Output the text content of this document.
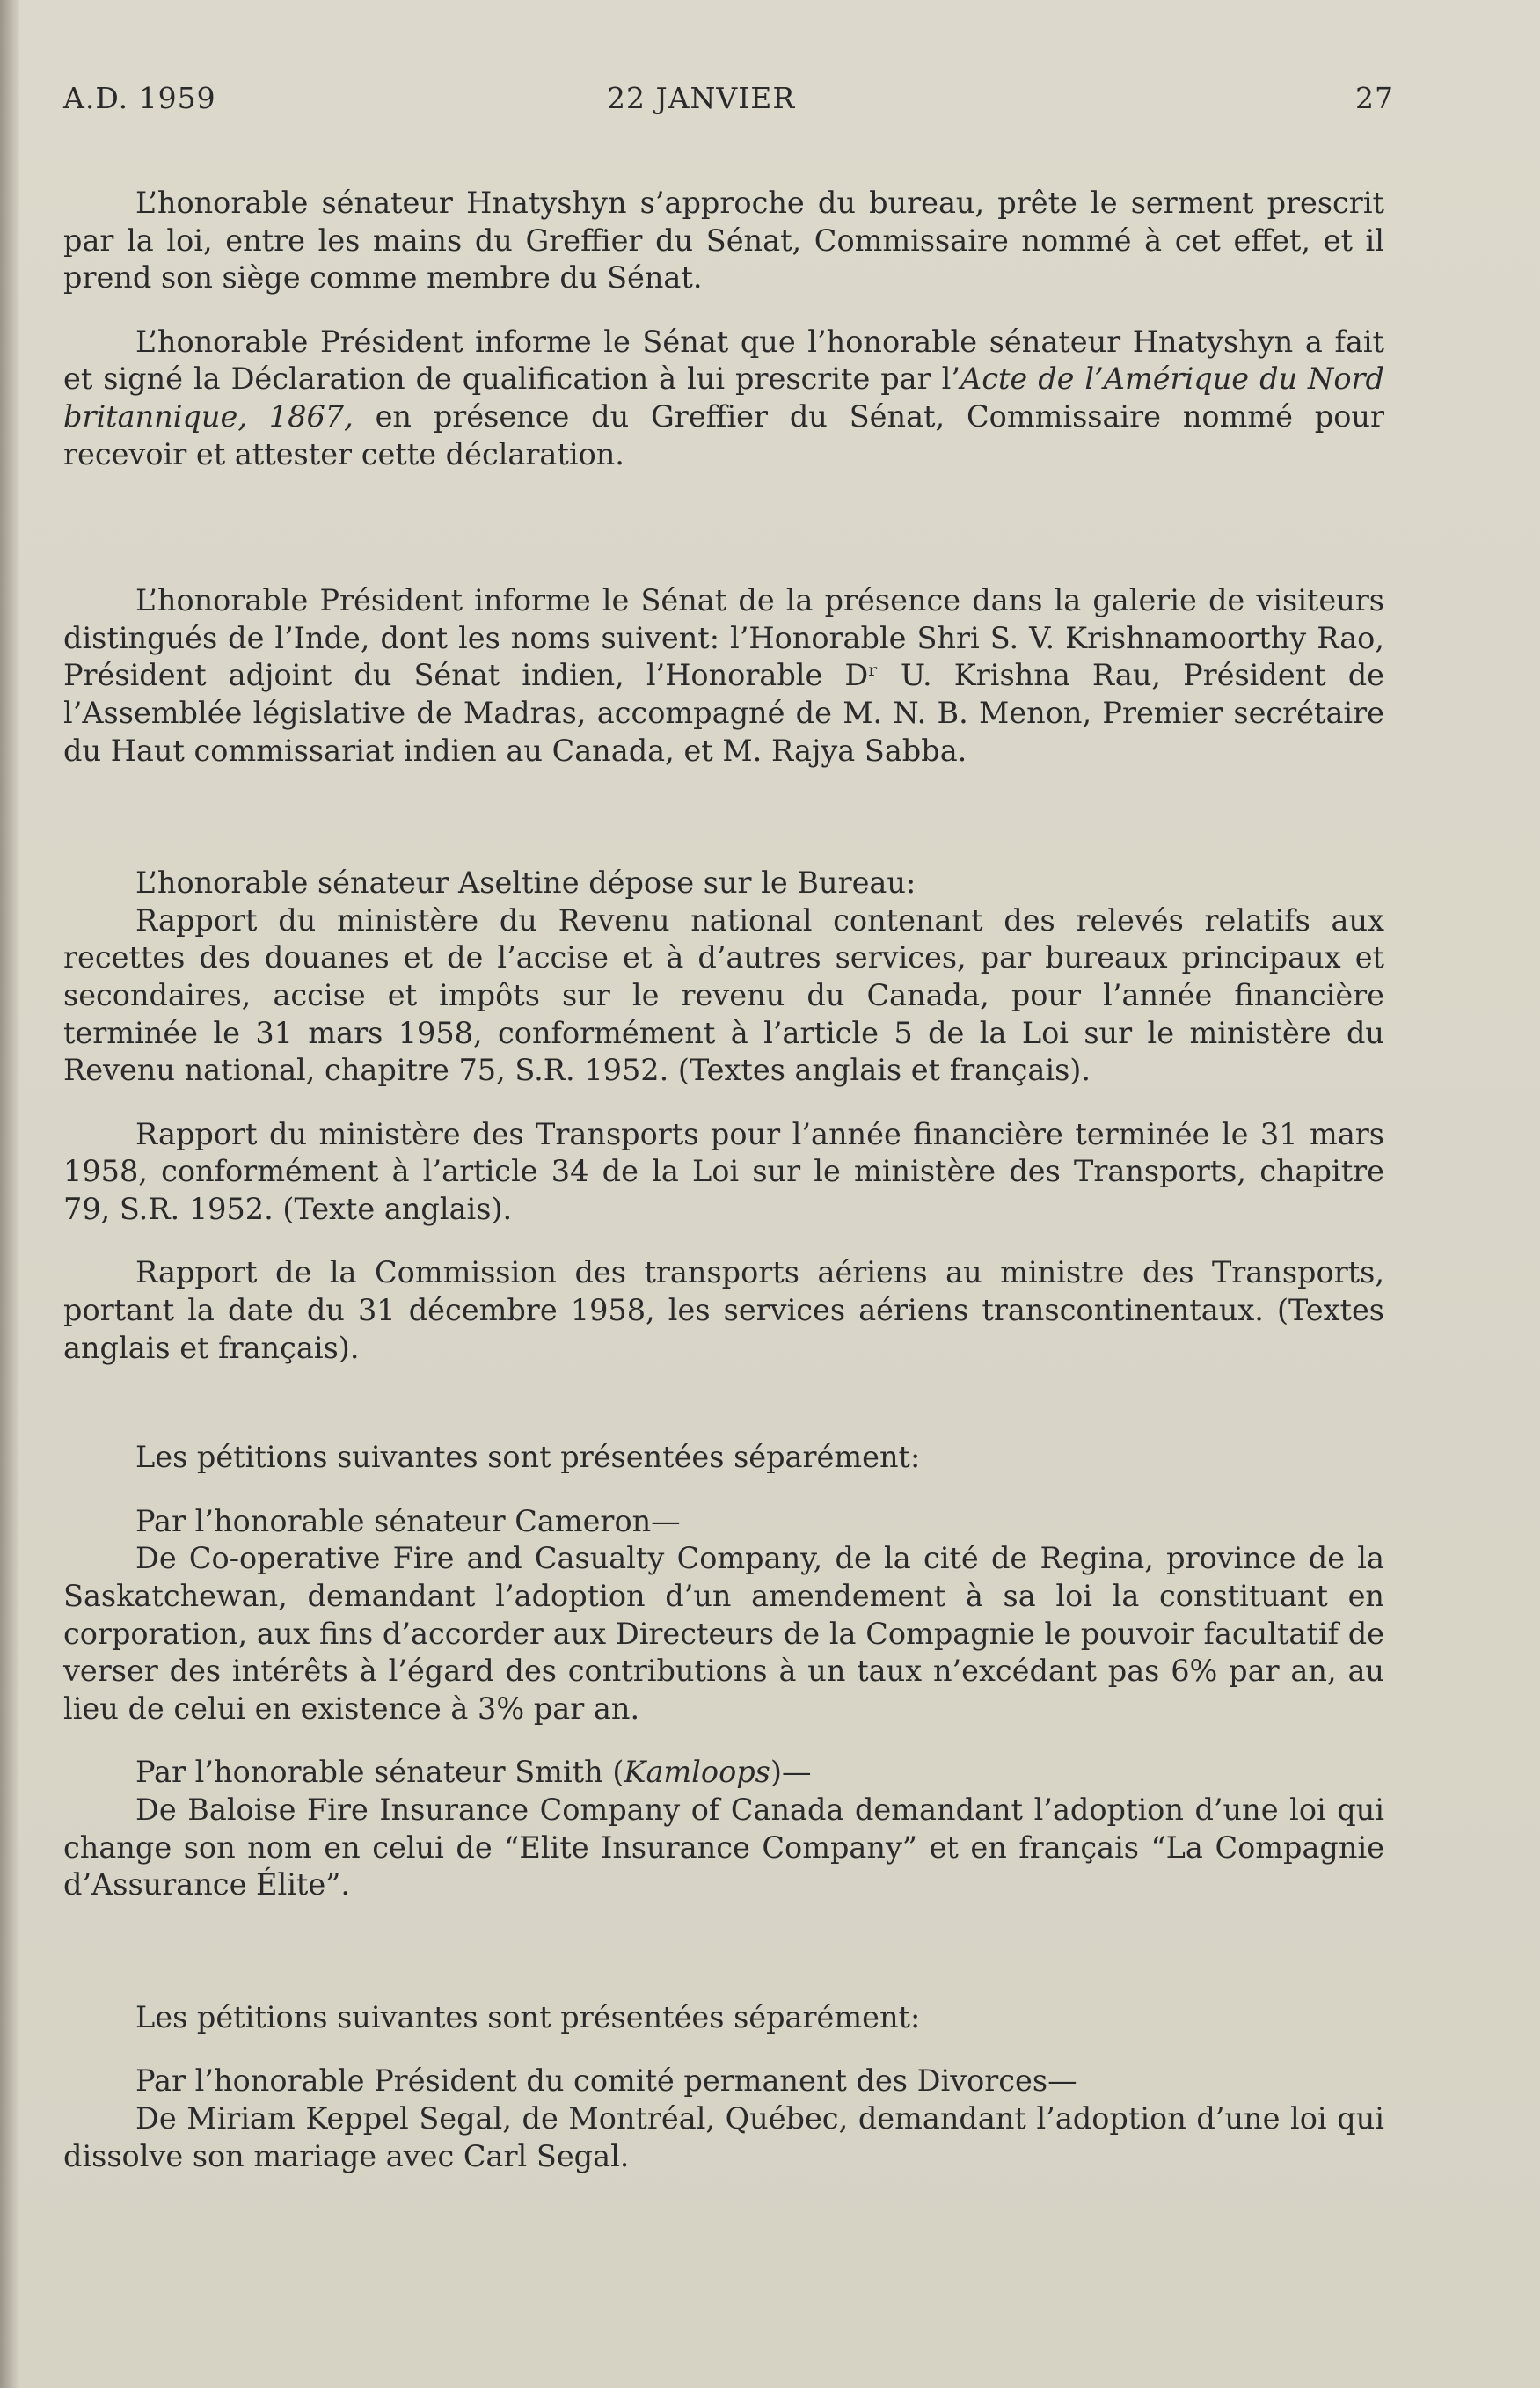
A.D. 1959	22 JANVIER	27

L’honorable sénateur Hnatyshyn s’approche du bureau, prête le serment prescrit par la loi, entre les mains du Greffier du Sénat, Commissaire nommé à cet effet, et il prend son siège comme membre du Sénat.

L’honorable Président informe le Sénat que l’honorable sénateur Hnatyshyn a fait et signé la Déclaration de qualification à lui prescrite par l’Acte de l’Amérique du Nord britannique, 1867, en présence du Greffier du Sénat, Commissaire nommé pour recevoir et attester cette déclaration.

L’honorable Président informe le Sénat de la présence dans la galerie de visiteurs distingués de l’Inde, dont les noms suivent: l’Honorable Shri S. V. Krishnamoorthy Rao, Président adjoint du Sénat indien, l’Honorable Dʳ U. Krishna Rau, Président de l’Assemblée législative de Madras, accompagné de M. N. B. Menon, Premier secrétaire du Haut commissariat indien au Canada, et M. Rajya Sabba.

L’honorable sénateur Aseltine dépose sur le Bureau:

Rapport du ministère du Revenu national contenant des relevés relatifs aux recettes des douanes et de l’accise et à d’autres services, par bureaux principaux et secondaires, accise et impôts sur le revenu du Canada, pour l’année financière terminée le 31 mars 1958, conformément à l’article 5 de la Loi sur le ministère du Revenu national, chapitre 75, S.R. 1952. (Textes anglais et français).

Rapport du ministère des Transports pour l’année financière terminée le 31 mars 1958, conformément à l’article 34 de la Loi sur le ministère des Transports, chapitre 79, S.R. 1952. (Texte anglais).

Rapport de la Commission des transports aériens au ministre des Transports, portant la date du 31 décembre 1958, les services aériens transcontinentaux. (Textes anglais et français).

Les pétitions suivantes sont présentées séparément:

Par l’honorable sénateur Cameron—

De Co-operative Fire and Casualty Company, de la cité de Regina, province de la Saskatchewan, demandant l’adoption d’un amendement à sa loi la constituant en corporation, aux fins d’accorder aux Directeurs de la Compagnie le pouvoir facultatif de verser des intérêts à l’égard des contributions à un taux n’excédant pas 6% par an, au lieu de celui en existence à 3% par an.

Par l’honorable sénateur Smith (Kamloops)—

De Baloise Fire Insurance Company of Canada demandant l’adoption d’une loi qui change son nom en celui de “Elite Insurance Company” et en français “La Compagnie d’Assurance Élite”.

Les pétitions suivantes sont présentées séparément:

Par l’honorable Président du comité permanent des Divorces—

De Miriam Keppel Segal, de Montréal, Québec, demandant l’adoption d’une loi qui dissolve son mariage avec Carl Segal.
